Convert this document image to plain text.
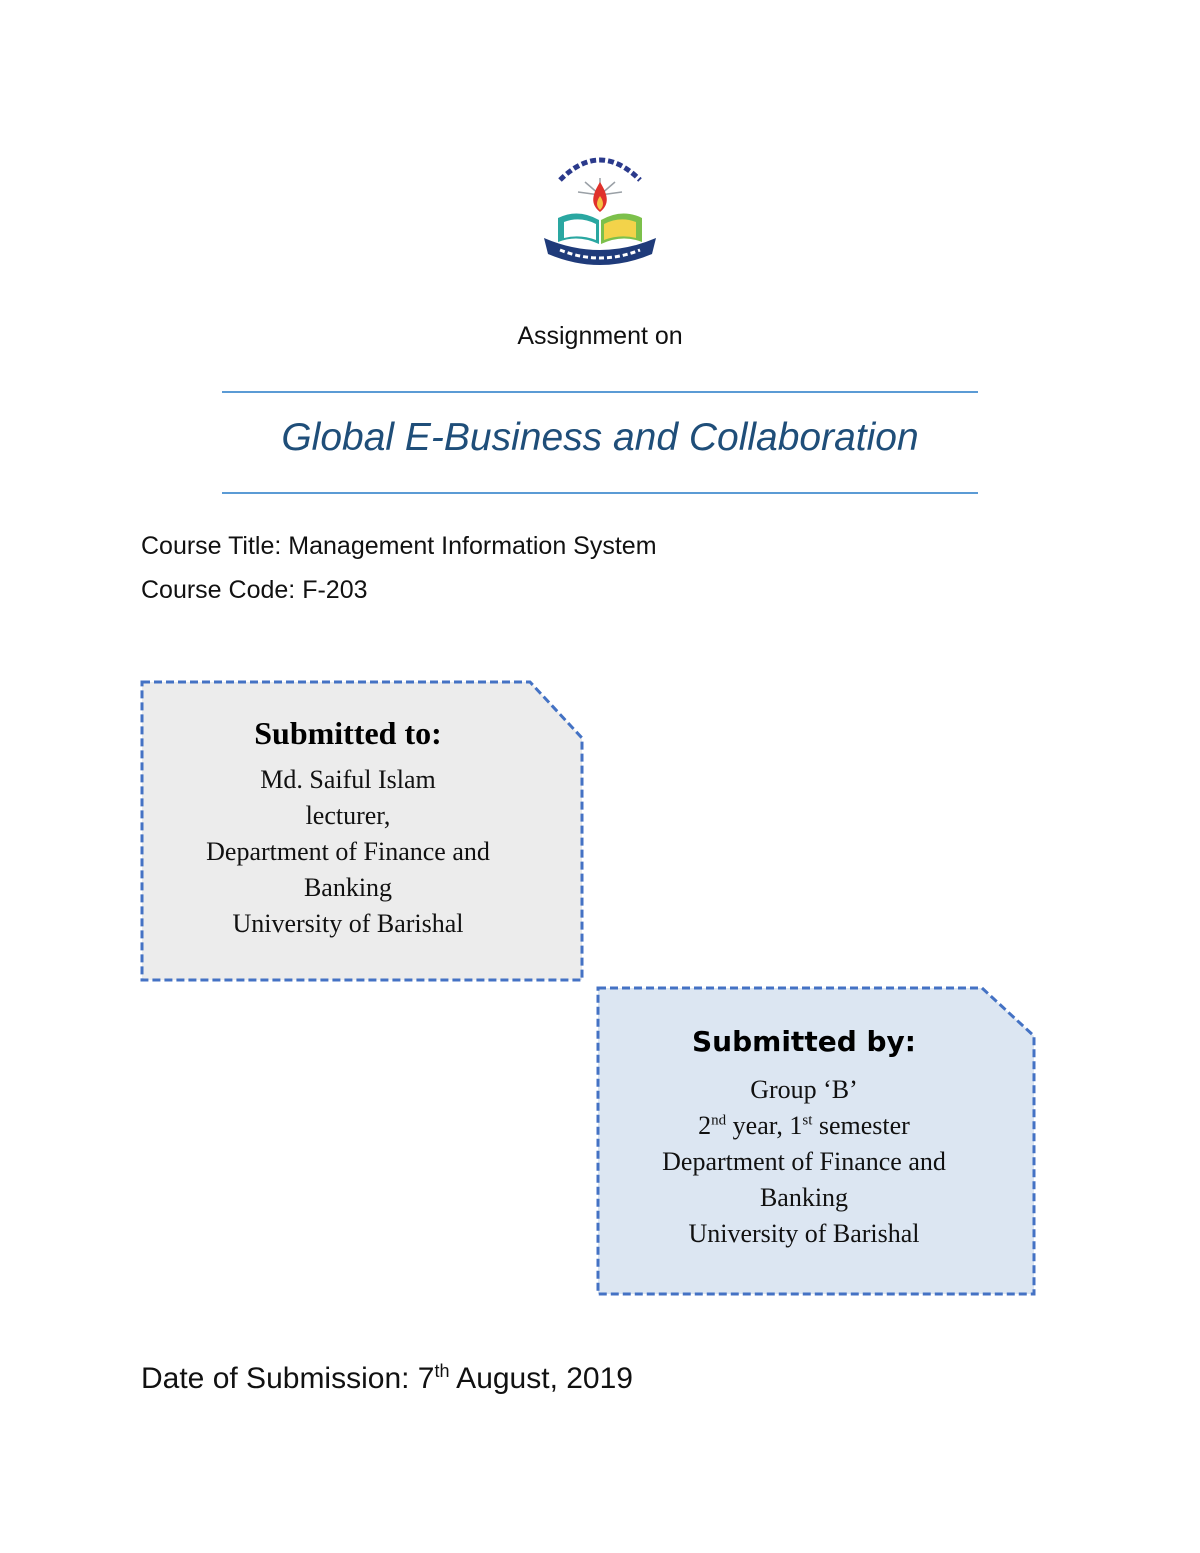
Assignment on
Global E-Business and Collaboration
Course Title: Management Information System
Course Code: F-203
Submitted to:
Md. Saiful Islam
lecturer,
Department of Finance and
Banking
University of Barishal
Submitted by:
Group ‘B’
2nd year, 1st semester
Department of Finance and
Banking
University of Barishal
Date of Submission: 7th August, 2019
